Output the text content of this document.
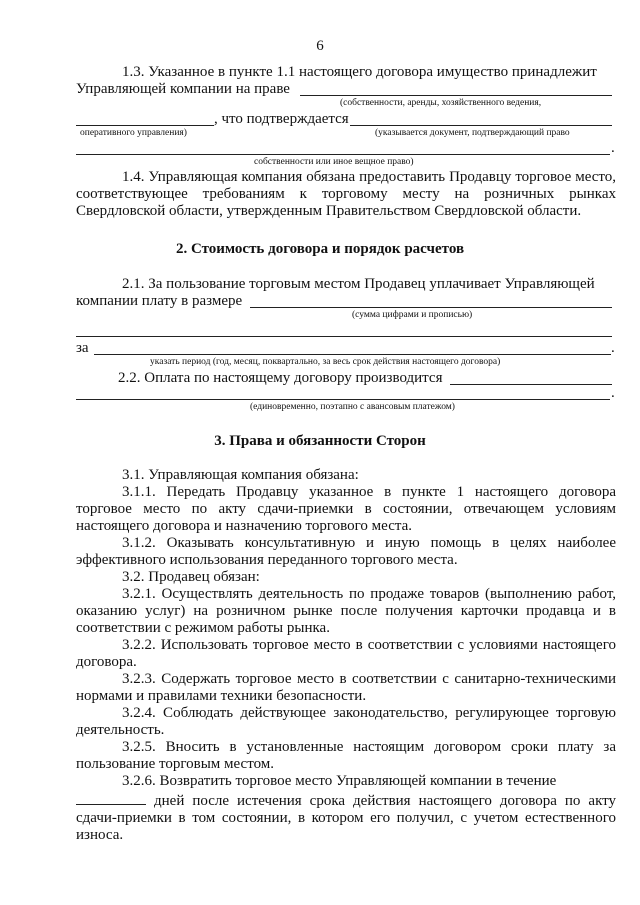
6
1.3. Указанное в пункте 1.1 настоящего договора имущество принадлежит
Управляющей компании на праве
(собственности, аренды, хозяйственного ведения,
, что подтверждается
оперативного управления)	(указывается документ, подтверждающий право
.
собственности или иное вещное право)
1.4. Управляющая компания обязана предоставить Продавцу торговое место, соответствующее требованиям к торговому месту на розничных рынках Свердловской области, утвержденным Правительством Свердловской области.
2. Стоимость договора и порядок расчетов
2.1. За пользование торговым местом Продавец уплачивает Управляющей
компании плату в размере
(сумма цифрами и прописью)
за	.
указать период (год, месяц, поквартально, за весь срок действия настоящего договора)
2.2. Оплата по настоящему договору производится
.
(единовременно, поэтапно с авансовым платежом)
3. Права и обязанности Сторон
3.1. Управляющая компания обязана:
3.1.1. Передать Продавцу указанное в пункте 1 настоящего договора торговое место по акту сдачи-приемки в состоянии, отвечающем условиям настоящего договора и назначению торгового места.
3.1.2. Оказывать консультативную и иную помощь в целях наиболее эффективного использования переданного торгового места.
3.2. Продавец обязан:
3.2.1. Осуществлять деятельность по продаже товаров (выполнению работ, оказанию услуг) на розничном рынке после получения карточки продавца и в соответствии с режимом работы рынка.
3.2.2. Использовать торговое место в соответствии с условиями настоящего договора.
3.2.3. Содержать торговое место в соответствии с санитарно-техническими нормами и правилами техники безопасности.
3.2.4. Соблюдать действующее законодательство, регулирующее торговую деятельность.
3.2.5. Вносить в установленные настоящим договором сроки плату за пользование торговым местом.
3.2.6. Возвратить торговое место Управляющей компании в течение
дней после истечения срока действия настоящего договора по акту сдачи-приемки в том состоянии, в котором его получил, с учетом естественного износа.
